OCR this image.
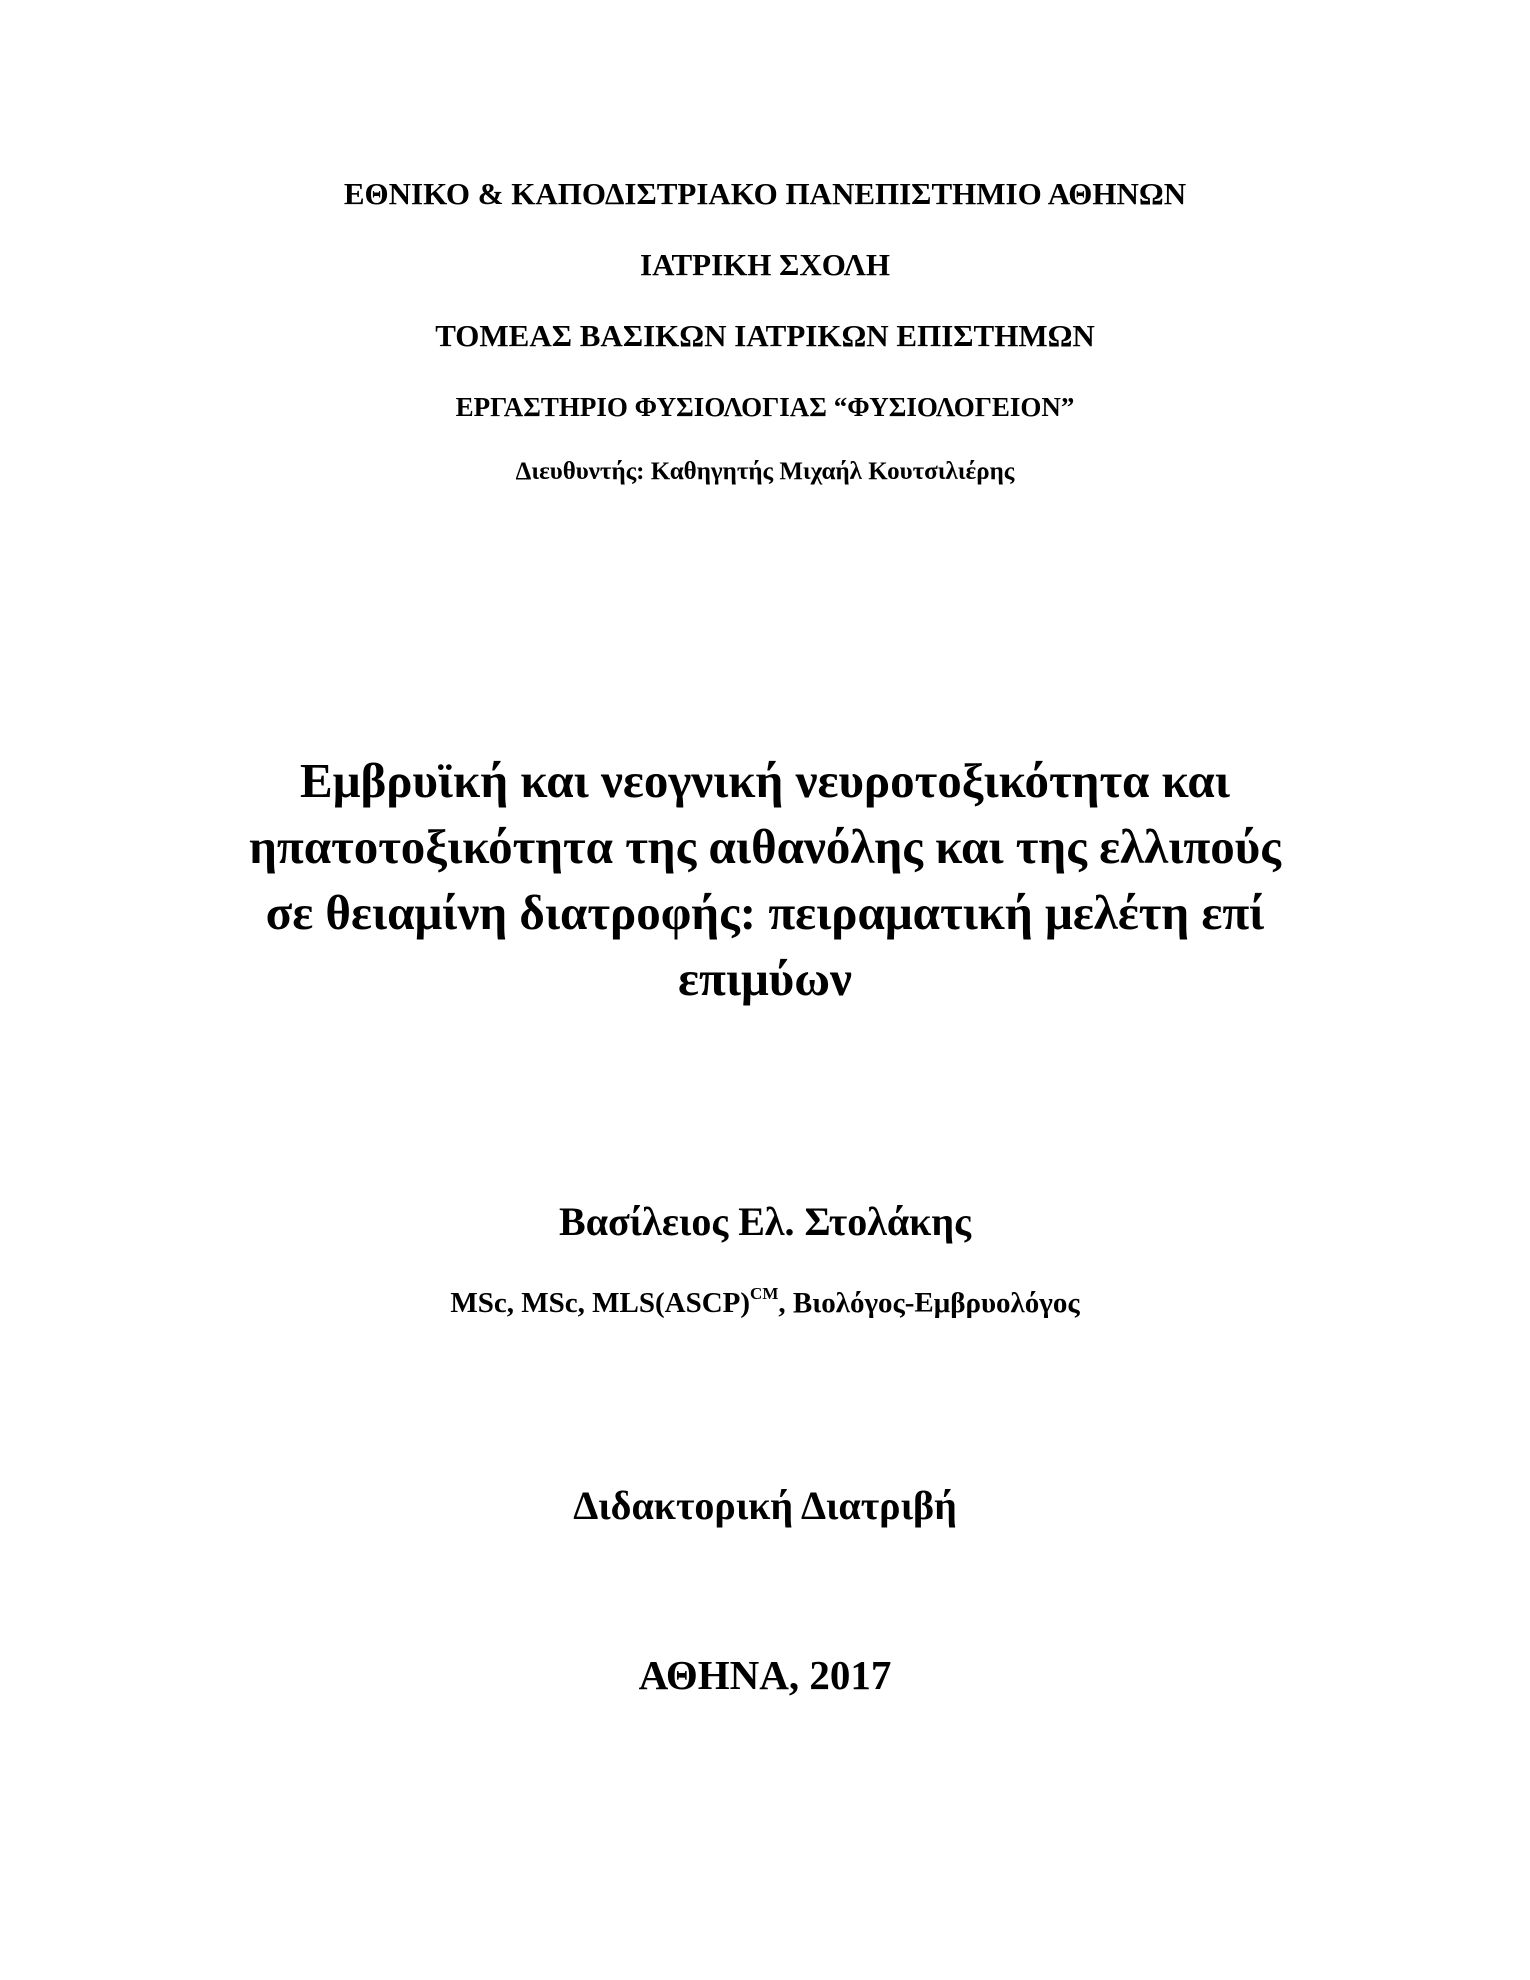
ΕΘΝΙΚΟ & ΚΑΠΟΔΙΣΤΡΙΑΚΟ ΠΑΝΕΠΙΣΤΗΜΙΟ ΑΘΗΝΩΝ

ΙΑΤΡΙΚΗ ΣΧΟΛΗ

ΤΟΜΕΑΣ ΒΑΣΙΚΩΝ ΙΑΤΡΙΚΩΝ ΕΠΙΣΤΗΜΩΝ

ΕΡΓΑΣΤΗΡΙΟ ΦΥΣΙΟΛΟΓΙΑΣ “ΦΥΣΙΟΛΟΓΕΙΟΝ”

Διευθυντής: Καθηγητής Μιχαήλ Κουτσιλιέρης

Εμβρυϊκή και νεογνική νευροτοξικότητα και
ηπατοτοξικότητα της αιθανόλης και της ελλιπούς
σε θειαμίνη διατροφής: πειραματική μελέτη επί
επιμύων

Βασίλειος Ελ. Στολάκης

MSc, MSc, MLS(ASCP)$^{CM}$, Βιολόγος-Εμβρυολόγος

Διδακτορική Διατριβή

ΑΘΗΝΑ, 2017
